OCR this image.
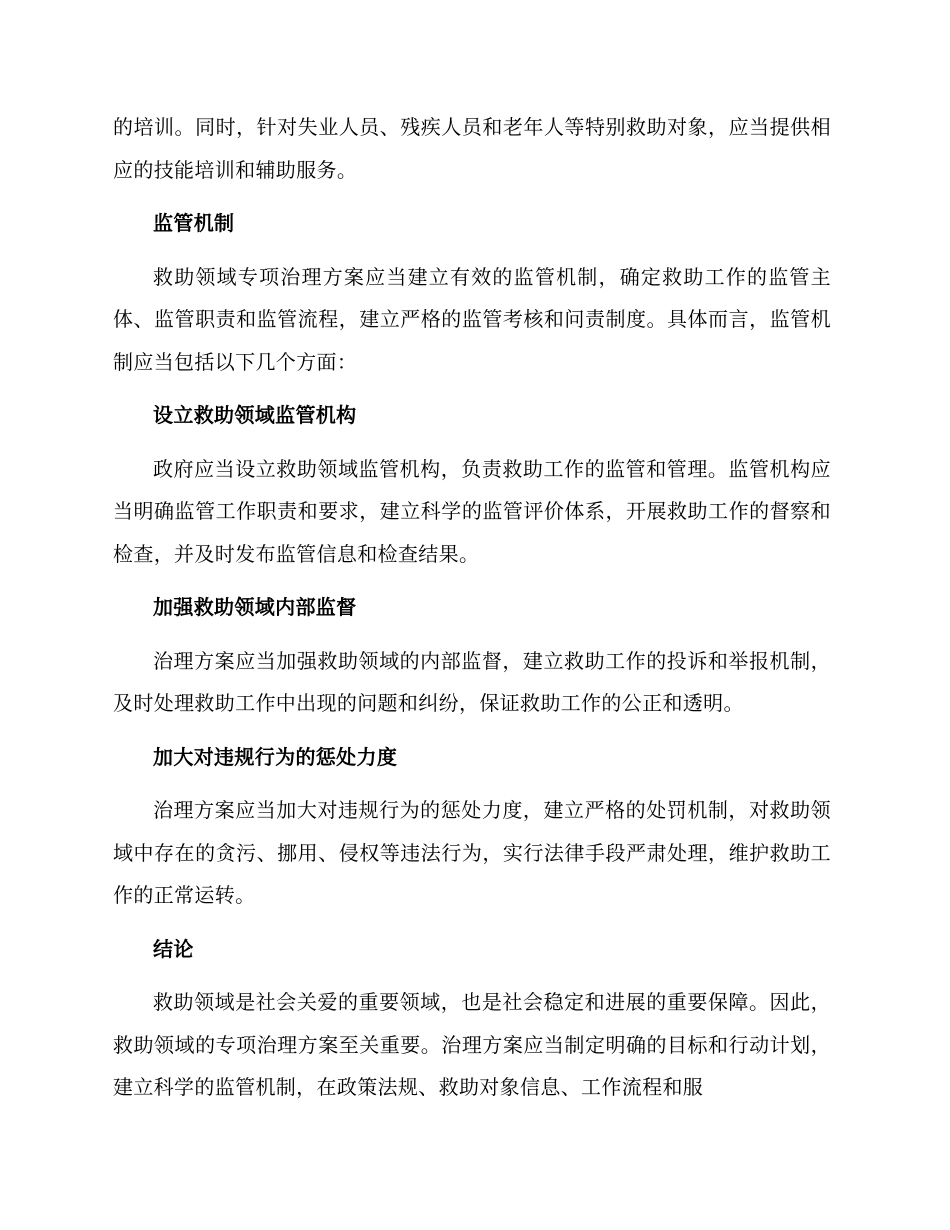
的培训。同时，针对失业人员、残疾人员和老年人等特别救助对象，应当提供相应的技能培训和辅助服务。

监管机制

救助领域专项治理方案应当建立有效的监管机制，确定救助工作的监管主体、监管职责和监管流程，建立严格的监管考核和问责制度。具体而言，监管机制应当包括以下几个方面：

设立救助领域监管机构

政府应当设立救助领域监管机构，负责救助工作的监管和管理。监管机构应当明确监管工作职责和要求，建立科学的监管评价体系，开展救助工作的督察和检查，并及时发布监管信息和检查结果。

加强救助领域内部监督

治理方案应当加强救助领域的内部监督，建立救助工作的投诉和举报机制，及时处理救助工作中出现的问题和纠纷，保证救助工作的公正和透明。

加大对违规行为的惩处力度

治理方案应当加大对违规行为的惩处力度，建立严格的处罚机制，对救助领域中存在的贪污、挪用、侵权等违法行为，实行法律手段严肃处理，维护救助工作的正常运转。

结论

救助领域是社会关爱的重要领域，也是社会稳定和进展的重要保障。因此，救助领域的专项治理方案至关重要。治理方案应当制定明确的目标和行动计划，建立科学的监管机制，在政策法规、救助对象信息、工作流程和服
